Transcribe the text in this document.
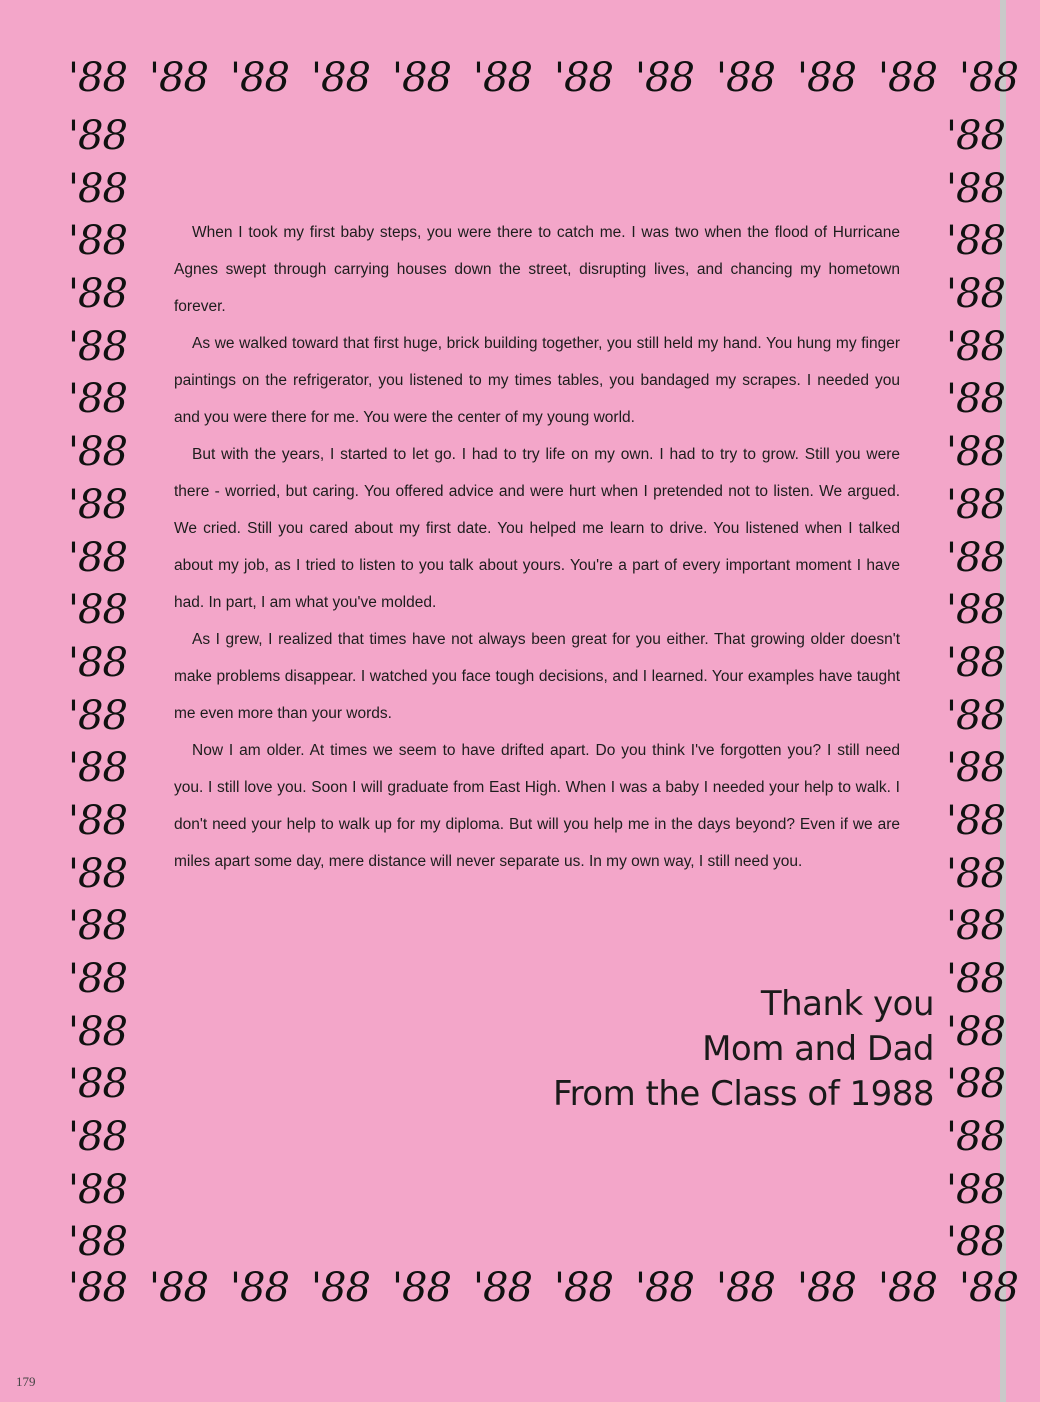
'88 '88 '88 '88 '88 '88 '88 '88 '88 '88 '88 '88
'88
'88
'88
'88
'88
'88
'88
'88
'88
'88
'88
'88
'88
'88
'88
'88
'88
'88
'88
'88
'88
'88
'88
'88
'88
'88
'88
'88
'88
'88
'88
'88
'88
'88
'88
'88
'88
'88
'88
'88
'88
'88
'88
'88
'88 '88 '88 '88 '88 '88 '88 '88 '88 '88 '88 '88

When I took my first baby steps, you were there to catch me. I was two when the flood of Hurricane Agnes swept through carrying houses down the street, disrupting lives, and chancing my hometown forever.

As we walked toward that first huge, brick building together, you still held my hand. You hung my finger paintings on the refrigerator, you listened to my times tables, you bandaged my scrapes. I needed you and you were there for me. You were the center of my young world.

But with the years, I started to let go. I had to try life on my own. I had to try to grow. Still you were there - worried, but caring. You offered advice and were hurt when I pretended not to listen. We argued. We cried. Still you cared about my first date. You helped me learn to drive. You listened when I talked about my job, as I tried to listen to you talk about yours. You're a part of every important moment I have had. In part, I am what you've molded.

As I grew, I realized that times have not always been great for you either. That growing older doesn't make problems disappear. I watched you face tough decisions, and I learned. Your examples have taught me even more than your words.

Now I am older. At times we seem to have drifted apart. Do you think I've forgotten you? I still need you. I still love you. Soon I will graduate from East High. When I was a baby I needed your help to walk. I don't need your help to walk up for my diploma. But will you help me in the days beyond? Even if we are miles apart some day, mere distance will never separate us. In my own way, I still need you.

Thank you
Mom and Dad
From the Class of 1988
179
